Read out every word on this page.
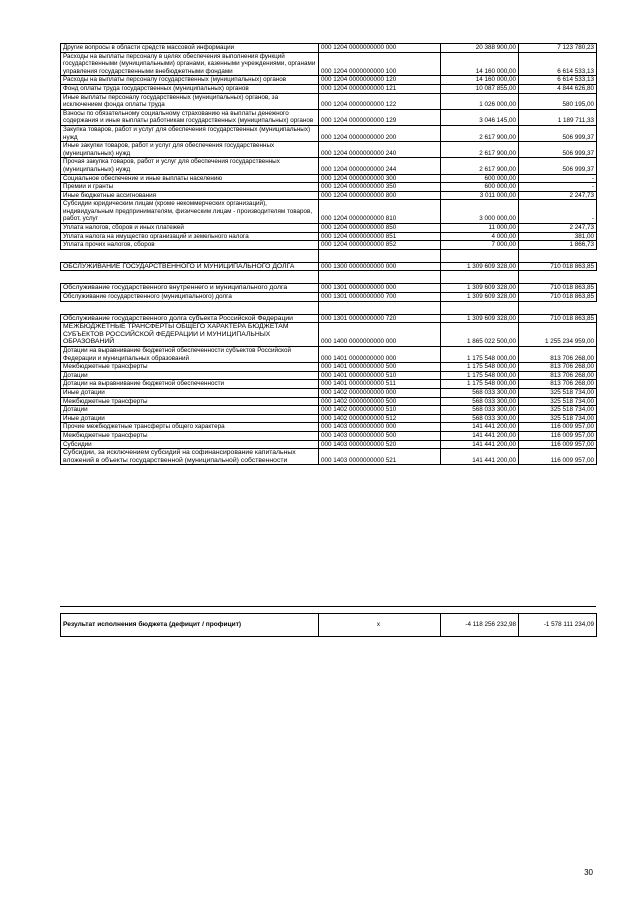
Другие вопросы в области средств массовой информации	000 1204 0000000000 000	20 388 900,00	7 123 780,23
Расходы на выплаты персоналу в целях обеспечения выполнения функций государственными (муниципальными) органами, казенными учреждениями, органами управления государственными внебюджетными фондами	000 1204 0000000000 100	14 160 000,00	6 614 533,13
Расходы на выплаты персоналу государственных (муниципальных) органов	000 1204 0000000000 120	14 160 000,00	6 614 533,13
Фонд оплаты труда государственных (муниципальных) органов	000 1204 0000000000 121	10 087 855,00	4 844 626,80
Иные выплаты персоналу государственных (муниципальных) органов, за исключением фонда оплаты труда	000 1204 0000000000 122	1 026 000,00	580 195,00
Взносы по обязательному социальному страхованию на выплаты денежного содержания и иные выплаты работникам государственных (муниципальных) органов	000 1204 0000000000 129	3 046 145,00	1 189 711,33
Закупка товаров, работ и услуг для обеспечения государственных (муниципальных) нужд	000 1204 0000000000 200	2 617 900,00	506 999,37
Иные закупки товаров, работ и услуг для обеспечения государственных (муниципальных) нужд	000 1204 0000000000 240	2 617 900,00	506 999,37
Прочая закупка товаров, работ и услуг для обеспечения государственных (муниципальных) нужд	000 1204 0000000000 244	2 617 900,00	506 999,37
Социальное обеспечение и иные выплаты населению	000 1204 0000000000 300	600 000,00	-
Премии и гранты	000 1204 0000000000 350	600 000,00	-
Иные бюджетные ассигнования	000 1204 0000000000 800	3 011 000,00	2 247,73
Субсидии юридическим лицам (кроме некоммерческих организаций), индивидуальным предпринимателям, физическим лицам - производителям товаров, работ, услуг	000 1204 0000000000 810	3 000 000,00	-
Уплата налогов, сборов и иных платежей	000 1204 0000000000 850	11 000,00	2 247,73
Уплата налога на имущество организаций и земельного налога	000 1204 0000000000 851	4 000,00	381,00
Уплата прочих налогов, сборов	000 1204 0000000000 852	7 000,00	1 866,73

ОБСЛУЖИВАНИЕ ГОСУДАРСТВЕННОГО И МУНИЦИПАЛЬНОГО ДОЛГА	000 1300 0000000000 000	1 309 609 328,00	710 018 863,85

Обслуживание государственного внутреннего и муниципального долга	000 1301 0000000000 000	1 309 609 328,00	710 018 863,85
Обслуживание государственного (муниципального) долга	000 1301 0000000000 700	1 309 609 328,00	710 018 863,85

Обслуживание государственного долга субъекта Российской Федерации	000 1301 0000000000 720	1 309 609 328,00	710 018 863,85
МЕЖБЮДЖЕТНЫЕ ТРАНСФЕРТЫ ОБЩЕГО ХАРАКТЕРА БЮДЖЕТАМ СУБЪЕКТОВ РОССИЙСКОЙ ФЕДЕРАЦИИ И МУНИЦИПАЛЬНЫХ ОБРАЗОВАНИЙ	000 1400 0000000000 000	1 865 022 500,00	1 255 234 959,00
Дотации на выравнивание бюджетной обеспеченности субъектов Российской Федерации и муниципальных образований	000 1401 0000000000 000	1 175 548 000,00	813 706 268,00
Межбюджетные трансферты	000 1401 0000000000 500	1 175 548 000,00	813 706 268,00
Дотации	000 1401 0000000000 510	1 175 548 000,00	813 706 268,00
Дотации на выравнивание бюджетной обеспеченности	000 1401 0000000000 511	1 175 548 000,00	813 706 268,00
Иные дотации	000 1402 0000000000 000	568 033 300,00	325 518 734,00
Межбюджетные трансферты	000 1402 0000000000 500	568 033 300,00	325 518 734,00
Дотации	000 1402 0000000000 510	568 033 300,00	325 518 734,00
Иные дотации	000 1402 0000000000 512	568 033 300,00	325 518 734,00
Прочие межбюджетные трансферты общего характера	000 1403 0000000000 000	141 441 200,00	116 009 957,00
Межбюджетные трансферты	000 1403 0000000000 500	141 441 200,00	116 009 957,00
Субсидии	000 1403 0000000000 520	141 441 200,00	116 009 957,00
Субсидии, за исключением субсидий на софинансирование капитальных вложений в объекты государственной (муниципальной) собственности	000 1403 0000000000 521	141 441 200,00	116 009 957,00
Результат исполнения бюджета (дефицит / профицит)	x	-4 118 256 232,98	-1 578 111 234,09
30
